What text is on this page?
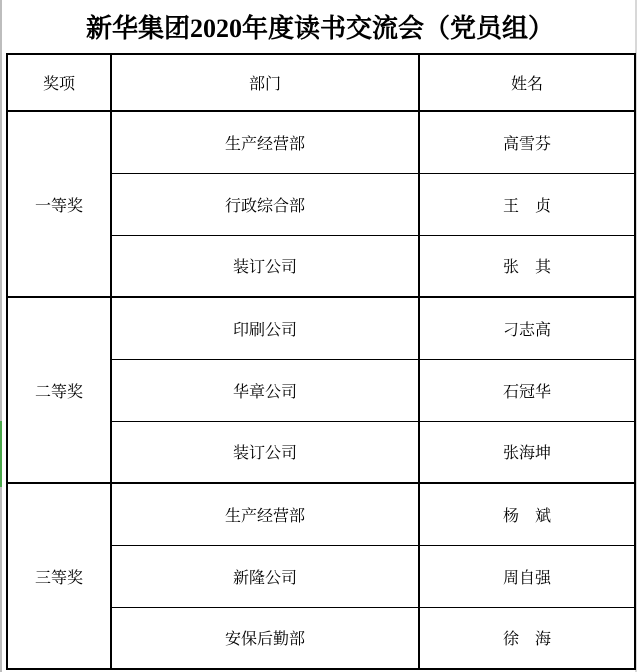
新华集团2020年度读书交流会（党员组）
奖项	部门	姓名
一等奖	生产经营部	高雪芬
	行政综合部	王　贞
	装订公司	张　其
二等奖	印刷公司	刁志高
	华章公司	石冠华
	装订公司	张海坤
三等奖	生产经营部	杨　斌
	新隆公司	周自强
	安保后勤部	徐　海
